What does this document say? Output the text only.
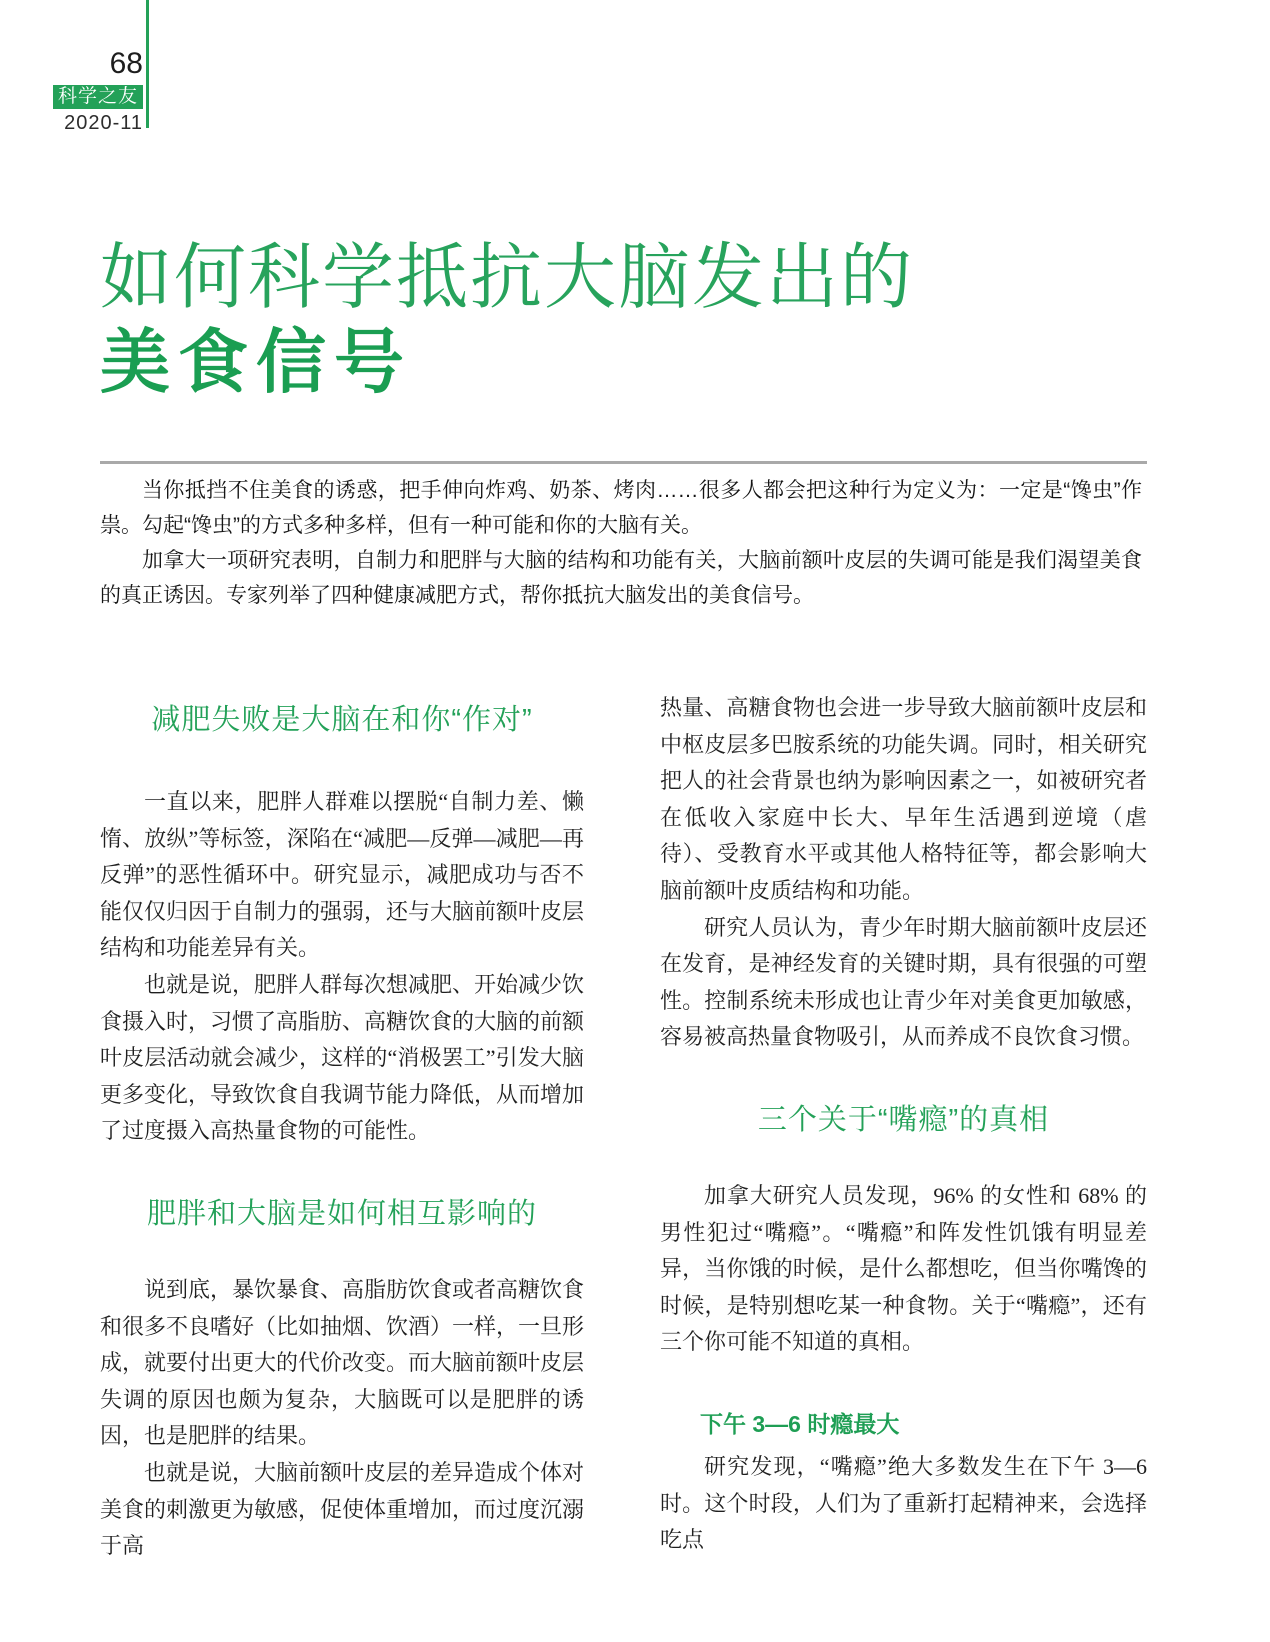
68
科学之友
2020-11
如何科学抵抗大脑发出的
美食信号

当你抵挡不住美食的诱惑，把手伸向炸鸡、奶茶、烤肉……很多人都会把这种行为定义为：一定是“馋虫”作祟。勾起“馋虫”的方式多种多样，但有一种可能和你的大脑有关。

加拿大一项研究表明，自制力和肥胖与大脑的结构和功能有关，大脑前额叶皮层的失调可能是我们渴望美食的真正诱因。专家列举了四种健康减肥方式，帮你抵抗大脑发出的美食信号。

减肥失败是大脑在和你“作对”

一直以来，肥胖人群难以摆脱“自制力差、懒惰、放纵”等标签，深陷在“减肥—反弹—减肥—再反弹”的恶性循环中。研究显示，减肥成功与否不能仅仅归因于自制力的强弱，还与大脑前额叶皮层结构和功能差异有关。

也就是说，肥胖人群每次想减肥、开始减少饮食摄入时，习惯了高脂肪、高糖饮食的大脑的前额叶皮层活动就会减少，这样的“消极罢工”引发大脑更多变化，导致饮食自我调节能力降低，从而增加了过度摄入高热量食物的可能性。

肥胖和大脑是如何相互影响的

说到底，暴饮暴食、高脂肪饮食或者高糖饮食和很多不良嗜好（比如抽烟、饮酒）一样，一旦形成，就要付出更大的代价改变。而大脑前额叶皮层失调的原因也颇为复杂，大脑既可以是肥胖的诱因，也是肥胖的结果。

也就是说，大脑前额叶皮层的差异造成个体对美食的刺激更为敏感，促使体重增加，而过度沉溺于高

热量、高糖食物也会进一步导致大脑前额叶皮层和中枢皮层多巴胺系统的功能失调。同时，相关研究把人的社会背景也纳为影响因素之一，如被研究者在低收入家庭中长大、早年生活遇到逆境（虐待）、受教育水平或其他人格特征等，都会影响大脑前额叶皮质结构和功能。

研究人员认为，青少年时期大脑前额叶皮层还在发育，是神经发育的关键时期，具有很强的可塑性。控制系统未形成也让青少年对美食更加敏感，容易被高热量食物吸引，从而养成不良饮食习惯。

三个关于“嘴瘾”的真相

加拿大研究人员发现，96% 的女性和 68% 的男性犯过“嘴瘾”。“嘴瘾”和阵发性饥饿有明显差异，当你饿的时候，是什么都想吃，但当你嘴馋的时候，是特别想吃某一种食物。关于“嘴瘾”，还有三个你可能不知道的真相。

下午 3—6 时瘾最大

研究发现，“嘴瘾”绝大多数发生在下午 3—6 时。这个时段，人们为了重新打起精神来，会选择吃点
